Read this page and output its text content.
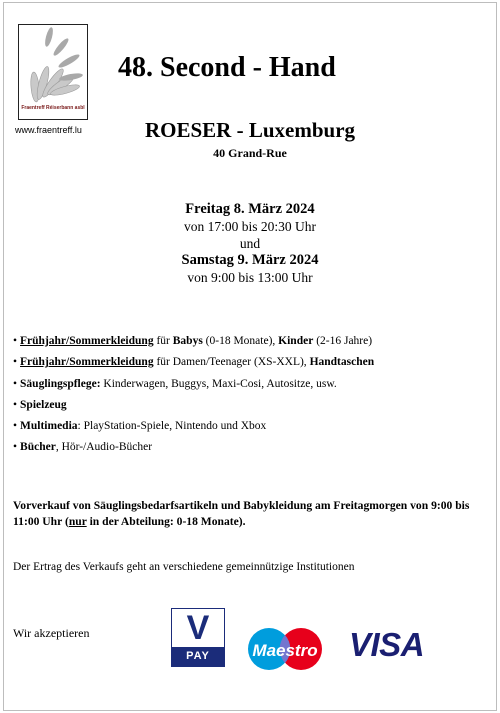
Fraentreff Réiserbann asbl
www.fraentreff.lu
48. Second - Hand
ROESER - Luxemburg
40 Grand-Rue
Freitag 8. März 2024
von 17:00 bis 20:30 Uhr
und
Samstag 9. März 2024
von 9:00 bis 13:00 Uhr
• Frühjahr/Sommerkleidung für Babys (0-18 Monate), Kinder (2-16 Jahre)
• Frühjahr/Sommerkleidung für Damen/Teenager (XS-XXL), Handtaschen
• Säuglingspflege: Kinderwagen, Buggys, Maxi-Cosi, Autositze, usw.
• Spielzeug
• Multimedia: PlayStation-Spiele, Nintendo und Xbox
• Bücher, Hör-/Audio-Bücher
Vorverkauf von Säuglingsbedarfsartikeln und Babykleidung am Freitagmorgen von 9:00 bis 11:00 Uhr (nur in der Abteilung: 0-18 Monate).
Der Ertrag des Verkaufs geht an verschiedene gemeinnützige Institutionen
Wir akzeptieren	V
PAY	Maestro VISA
